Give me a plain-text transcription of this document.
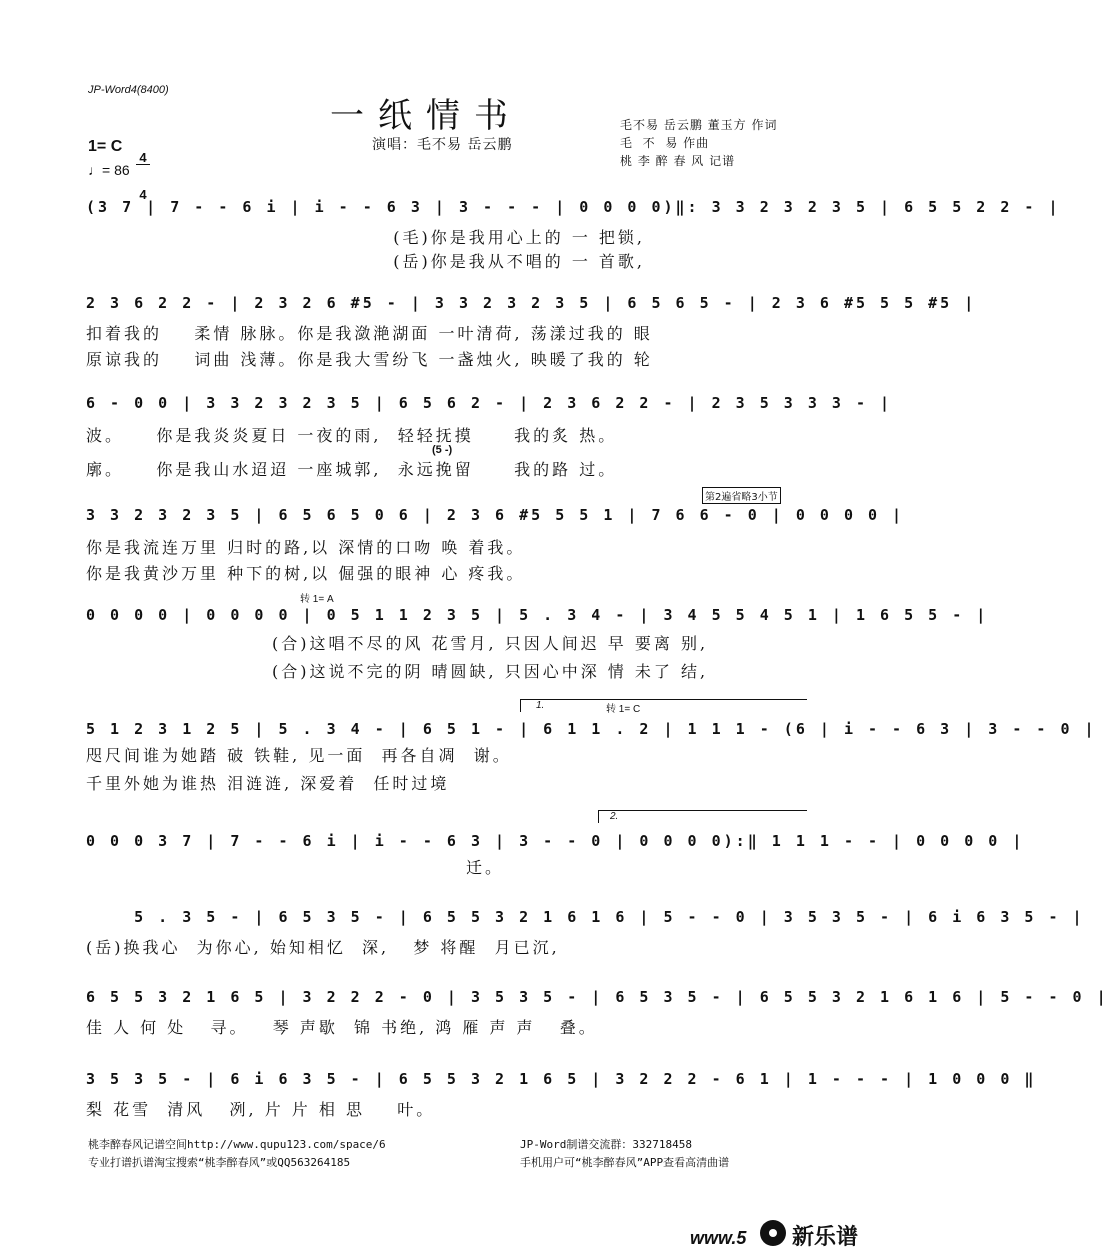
JP-Word4(8400)
一纸情书
演唱：毛不易 岳云鹏
毛不易 岳云鹏 董玉方 作词
毛  不  易 作曲
桃 李 醉 春 风 记谱
1= C

4

4

♩= 86
(3 7 | 7 - - 6 i | i - - 6 3 | 3 - - - | 0 0 0 0)‖: 3 3 2 3 2 3 5 | 6 5 5 2 2 - |
(毛)你是我用心上的 一 把锁,
(岳)你是我从不唱的 一 首歌,
2 3 6 2 2 - | 2 3 2 6 #5 - | 3 3 2 3 2 3 5 | 6 5 6 5 - | 2 3 6 #5 5 5 #5 |
扣着我的    柔情 脉脉。你是我潋滟湖面 一叶清荷, 荡漾过我的 眼
原谅我的    词曲 浅薄。你是我大雪纷飞 一盏烛火, 映暖了我的 轮
6 - 0 0 | 3 3 2 3 2 3 5 | 6 5 6 2 - | 2 3 6 2 2 - | 2 3 5 3 3 3 - |
波。    你是我炎炎夏日 一夜的雨,  轻轻抚摸     我的炙 热。
(5 -)
廓。    你是我山水迢迢 一座城郭,  永远挽留     我的路 过。
第2遍省略3小节
3 3 2 3 2 3 5 | 6 5 6 5 0 6 | 2 3 6 #5 5 5 1 | 7 6 6 - 0 | 0 0 0 0 |
你是我流连万里 归时的路,以 深情的口吻 唤 着我。
你是我黄沙万里 种下的树,以 倔强的眼神 心 疼我。
转 1= A
0 0 0 0 | 0 0 0 0 | 0 5 1 1 2 3 5 | 5 . 3 4 - | 3 4 5 5 4 5 1 | 1 6 5 5 - |
(合)这唱不尽的风 花雪月, 只因人间迟 早 要离 别,
(合)这说不完的阴 晴圆缺, 只因心中深 情 未了 结,
1.	转 1= C
5 1 2 3 1 2 5 | 5 . 3 4 - | 6 5 1 - | 6 1 1 . 2 | 1 1 1 - (6 | i - - 6 3 | 3 - - 0 |
咫尺间谁为她踏 破 铁鞋, 见一面  再各自凋  谢。
千里外她为谁热 泪涟涟, 深爱着  任时过境
2.
0 0 0 3 7 | 7 - - 6 i | i - - 6 3 | 3 - - 0 | 0 0 0 0):‖ 1 1 1 - - | 0 0 0 0 |
迁。
5 . 3 5 - | 6 5 3 5 - | 6 5 5 3 2 1 6 1 6 | 5 - - 0 | 3 5 3 5 - | 6 i 6 3 5 - |
(岳)换我心  为你心, 始知相忆  深,   梦 将醒  月已沉,
6 5 5 3 2 1 6 5 | 3 2 2 2 - 0 | 3 5 3 5 - | 6 5 3 5 - | 6 5 5 3 2 1 6 1 6 | 5 - - 0 |
佳 人 何 处   寻。   琴 声歇  锦 书绝, 鸿 雁 声 声   叠。
3 5 3 5 - | 6 i 6 3 5 - | 6 5 5 3 2 1 6 5 | 3 2 2 2 - 6 1 | 1 - - - | 1 0 0 0 ‖
梨 花雪  清风   冽, 片 片 相 思    叶。
桃李醉春风记谱空间http://www.qupu123.com/space/6
专业打谱扒谱淘宝搜索“桃李醉春风”或QQ563264185
JP-Word制谱交流群：332718458
手机用户可“桃李醉春风”APP查看高清曲谱
www.5 新乐谱
